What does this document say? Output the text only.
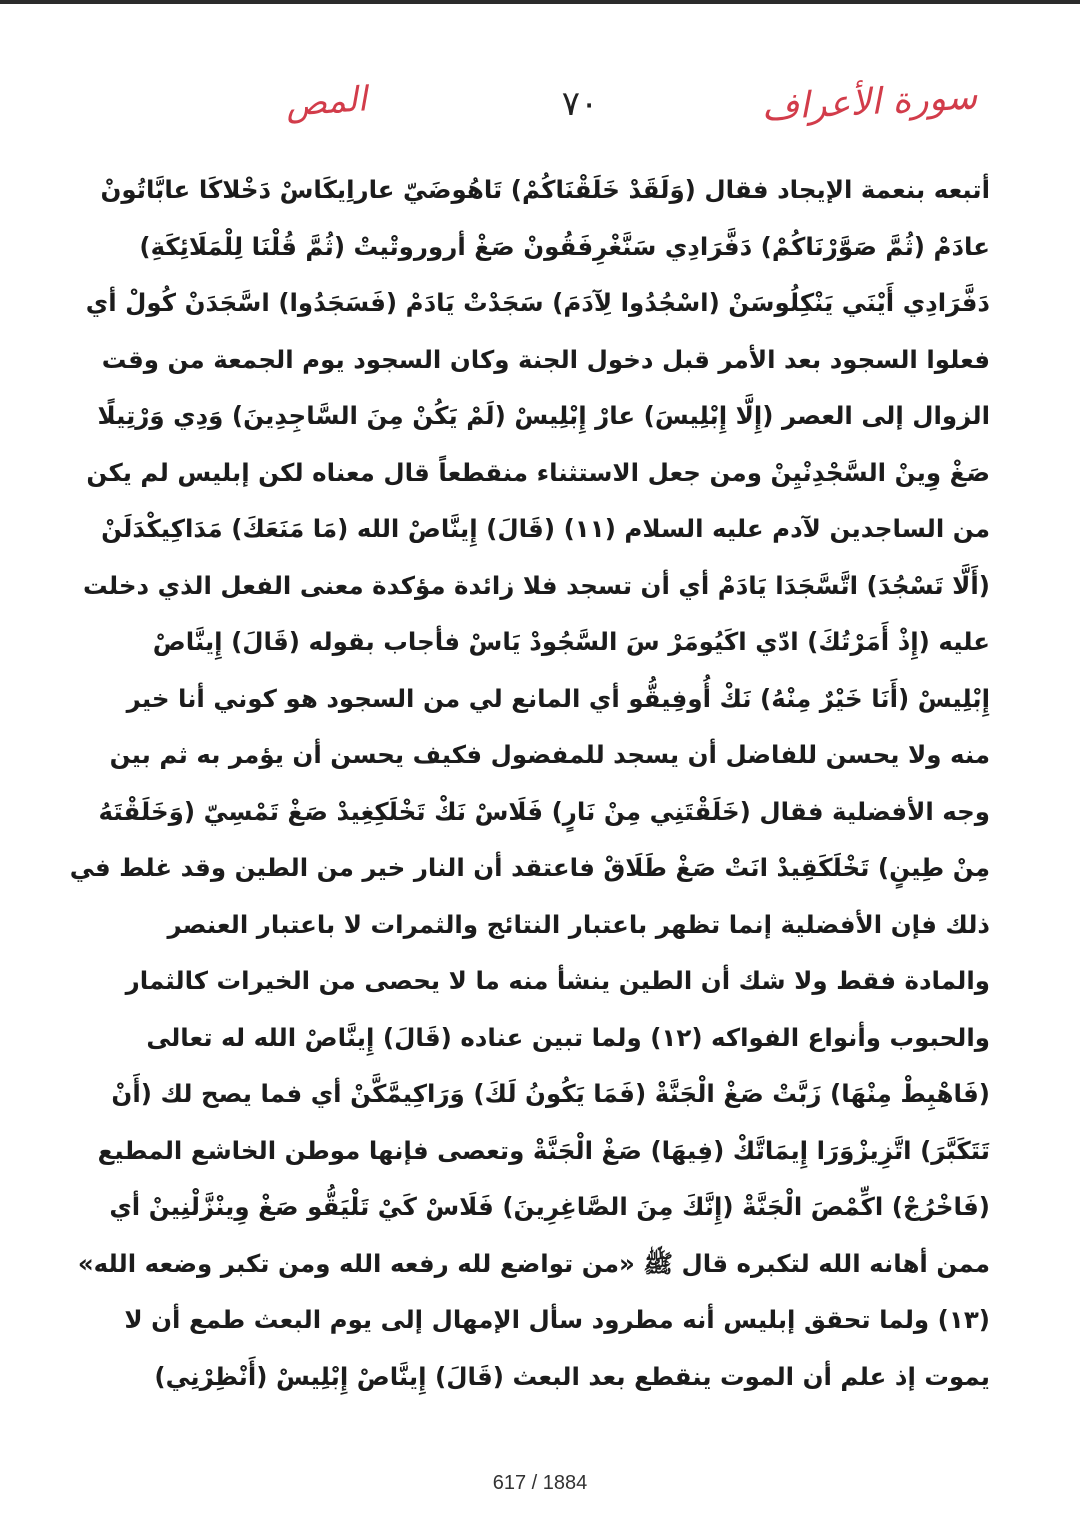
المص	٧٠	سورة الأعراف
أتبعه بنعمة الإيجاد فقال (وَلَقَدْ خَلَقْنَاكُمْ) تَاهُوضَيّ عاراِيكَاسْ دَخْلاكَا عابَّاتُونْ
عادَمْ (ثُمَّ صَوَّرْنَاكُمْ) دَفَّرَادِي سَنَّغْرِفَقُونْ صَغْ أروروتْيتْ (ثُمَّ قُلْنَا لِلْمَلَائِكَةِ)
دَفَّرَادِي أَيْنَي يَنْكِلُوسَنْ (اسْجُدُوا لِآدَمَ) سَجَدْتْ يَادَمْ (فَسَجَدُوا) اسَّجَدَنْ كُولْ أي
فعلوا السجود بعد الأمر قبل دخول الجنة وكان السجود يوم الجمعة من وقت
الزوال إلى العصر (إِلَّا إِبْلِيسَ) عارْ إِبْلِيسْ (لَمْ يَكُنْ مِنَ السَّاجِدِينَ) وَدِي وَرْتِيلًا
صَغْ وِينْ السَّجْدِنْيِنْ ومن جعل الاستثناء منقطعاً قال معناه لكن إبليس لم يكن
من الساجدين لآدم عليه السلام (١١) (قَالَ) إِينَّاصْ الله (مَا مَنَعَكَ) مَدَاكِيكْدَلَنْ
(أَلَّا تَسْجُدَ) اتَّسَّجَدَا يَادَمْ أي أن تسجد فلا زائدة مؤكدة معنى الفعل الذي دخلت
عليه (إِذْ أَمَرْتُكَ) ادّي اكَيُومَرْ سَ السَّجُودْ يَاسْ فأجاب بقوله (قَالَ) إِينَّاصْ
إِبْلِيسْ (أَنَا خَيْرٌ مِنْهُ) نَكْ أُوفِيقُّو أي المانع لي من السجود هو كوني أنا خير
منه ولا يحسن للفاضل أن يسجد للمفضول فكيف يحسن أن يؤمر به ثم بين
وجه الأفضلية فقال (خَلَقْتَنِي مِنْ نَارٍ) فَلَاسْ نَكْ تَخْلَكِغِيدْ صَغْ تَمْسِيّ (وَخَلَقْتَهُ
مِنْ طِينٍ) تَخْلَكَقِيدْ انَتْ صَغْ طَلَاقْ فاعتقد أن النار خير من الطين وقد غلط في
ذلك فإن الأفضلية إنما تظهر باعتبار النتائج والثمرات لا باعتبار العنصر
والمادة فقط ولا شك أن الطين ينشأ منه ما لا يحصى من الخيرات كالثمار
والحبوب وأنواع الفواكه (١٢) ولما تبين عناده (قَالَ) إِينَّاصْ الله له تعالى
(فَاهْبِطْ مِنْهَا) زَبَّتْ صَغْ الْجَنَّةْ (فَمَا يَكُونُ لَكَ) وَرَاكِيمَّكَّنْ أي فما يصح لك (أَنْ
تَتَكَبَّرَ) اتَّزِيزْوَرَا إِيمَاتَّكْ (فِيهَا) صَغْ الْجَنَّةْ وتعصى فإنها موطن الخاشع المطيع
(فَاخْرُجْ) اكِّمْصَ الْجَنَّةْ (إِنَّكَ مِنَ الصَّاغِرِينَ) فَلَاسْ كَيْ تَلْيَقُّو صَغْ وِينْزَّلْنِينْ أي
ممن أهانه الله لتكبره قال ﷺ «من تواضع لله رفعه الله ومن تكبر وضعه الله»
(١٣) ولما تحقق إبليس أنه مطرود سأل الإمهال إلى يوم البعث طمع أن لا
يموت إذ علم أن الموت ينقطع بعد البعث (قَالَ) إِينَّاصْ إِبْلِيسْ (أَنْظِرْنِي)
617 / 1884
